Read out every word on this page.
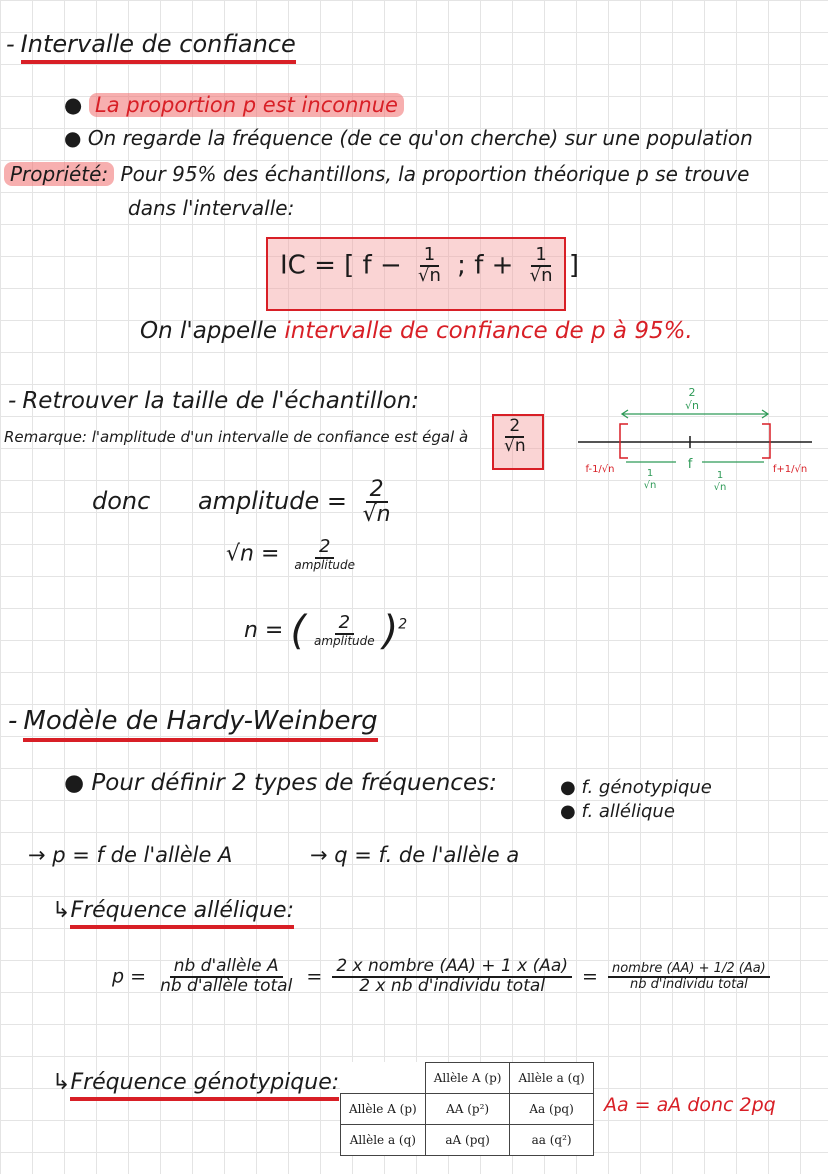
- Intervalle de confiance
● La proportion p est inconnue
● On regarde la fréquence (de ce qu'on cherche) sur une population
Propriété: Pour 95% des échantillons, la proportion théorique p se trouve
dans l'intervalle:
IC = [ $f - \frac{1}{√n}$ ; $f + \frac{1}{√n}$ ]
On l'appelle intervalle de confiance de p à 95%.
- Retrouver la taille de l'échantillon:
Remarque: l'amplitude d'un intervalle de confiance est égal à $\frac{2}{√n}$
2
√n
f
f-1/√n	f+1/√n
1
√n
1
√n
donc amplitude = $\frac{2}{√n}$
$√n = \frac{2}{\text{amplitude}}$
n = ( $\frac{2}{\text{amplitude}} )^2$
- Modèle de Hardy-Weinberg
● Pour définir 2 types de fréquences:	● f. génotypique
● f. allélique
→ p = f de l'allèle A	→ q = f. de l'allèle a
↳Fréquence allélique:
$p = \frac{\text{nb d'allèle A}}{\text{nb d'allèle total}} = \frac{\text{2 x nombre (AA) + 1 x (Aa)}}{\text{2 x nb d'individu total}} = \frac{\text{nombre (AA) + 1/2 (Aa)}}{\text{nb d'individu total}}$
↳Fréquence génotypique:
		Allèle A (p)	Allèle a (q)
Allèle A (p)	AA (p²)	Aa (pq)
Allèle a (q)	aA (pq)	aa (q²)
Aa = aA donc 2pq
